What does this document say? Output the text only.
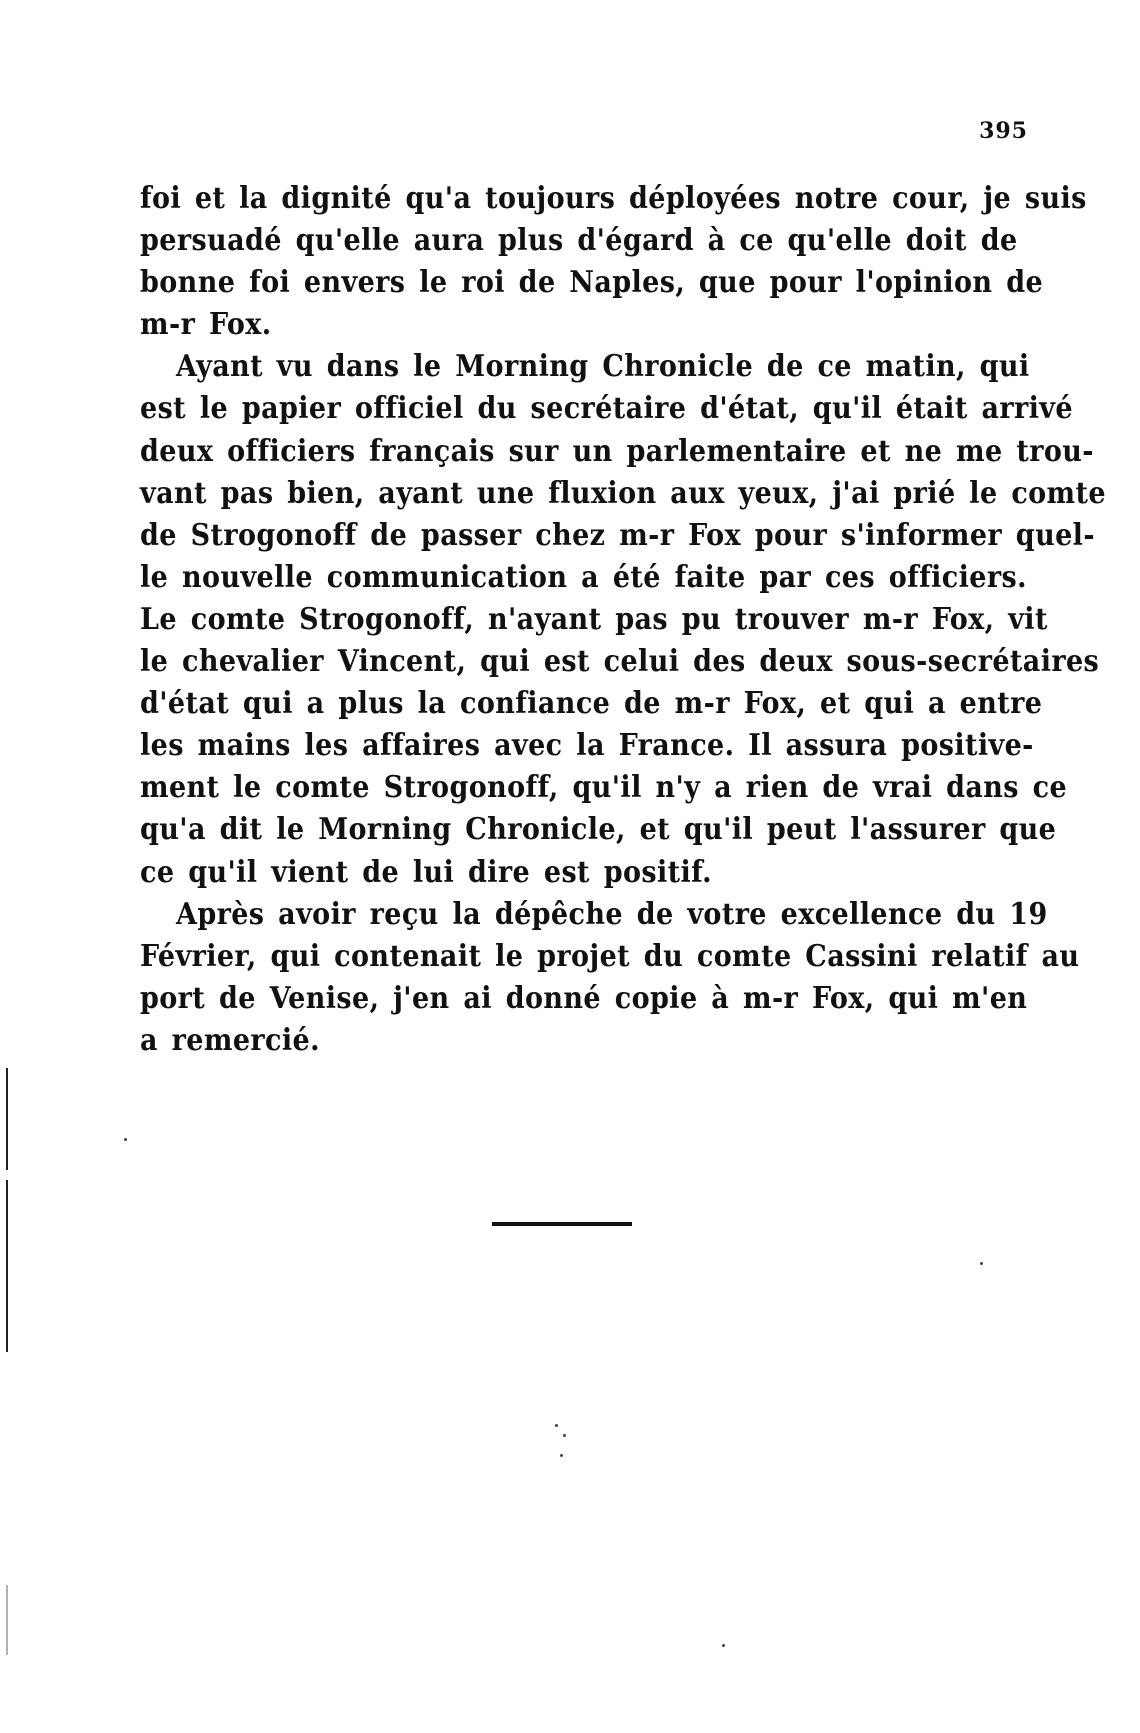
395

foi et la dignité qu'a toujours déployées notre cour, je suis
persuadé qu'elle aura plus d'égard à ce qu'elle doit de
bonne foi envers le roi de Naples, que pour l'opinion de
m-r Fox.

Ayant vu dans le Morning Chronicle de ce matin, qui
est le papier officiel du secrétaire d'état, qu'il était arrivé
deux officiers français sur un parlementaire et ne me trou-
vant pas bien, ayant une fluxion aux yeux, j'ai prié le comte
de Strogonoff de passer chez m-r Fox pour s'informer quel-
le nouvelle communication a été faite par ces officiers.
Le comte Strogonoff, n'ayant pas pu trouver m-r Fox, vit
le chevalier Vincent, qui est celui des deux sous-secrétaires
d'état qui a plus la confiance de m-r Fox, et qui a entre
les mains les affaires avec la France. Il assura positive-
ment le comte Strogonoff, qu'il n'y a rien de vrai dans ce
qu'a dit le Morning Chronicle, et qu'il peut l'assurer que
ce qu'il vient de lui dire est positif.

Après avoir reçu la dépêche de votre excellence du 19
Février, qui contenait le projet du comte Cassini relatif au
port de Venise, j'en ai donné copie à m-r Fox, qui m'en
a remercié.
